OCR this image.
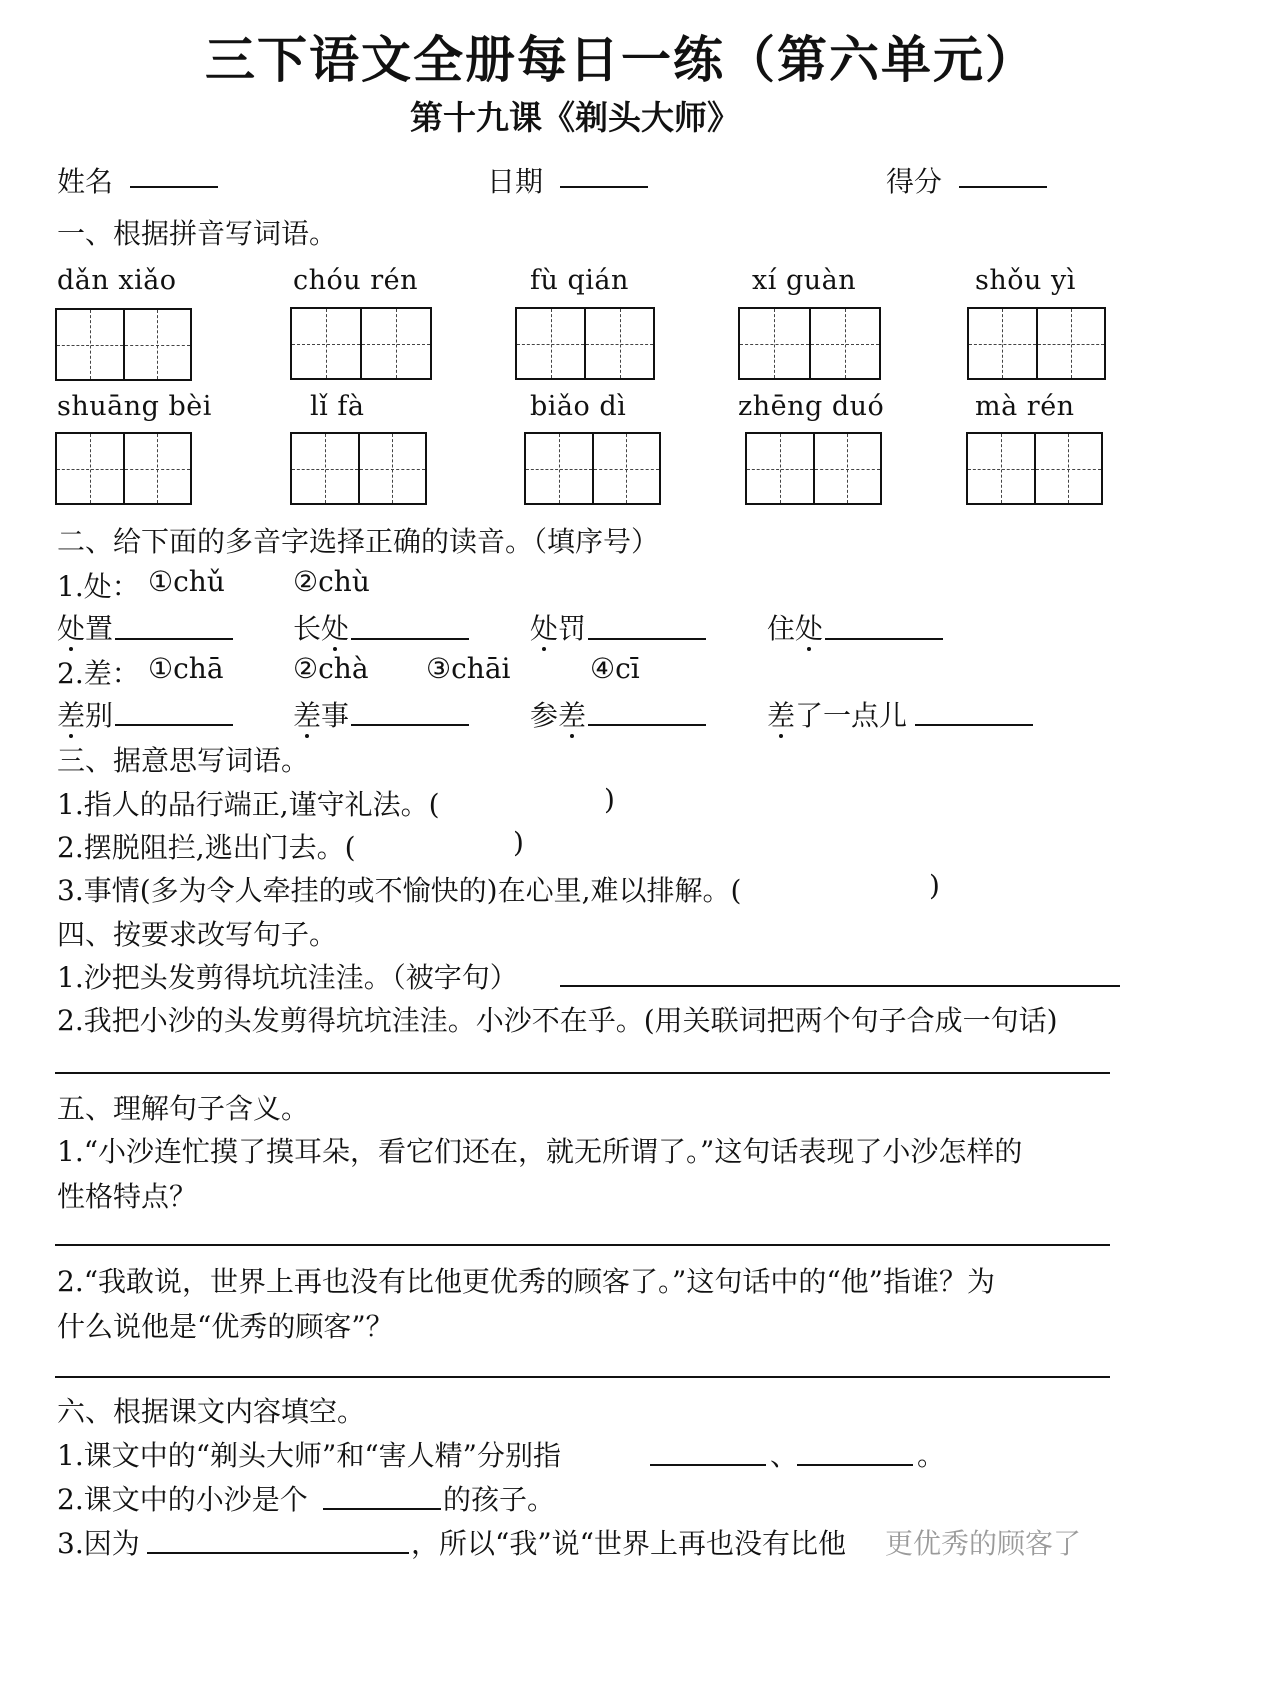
三下语文全册每日一练（第六单元）
第十九课《剃头大师》
姓名	日期	得分
一、根据拼音写词语。
dǎn xiǎo	chóu rén	fù qián	xí guàn	shǒu yì
shuāng bèi	lǐ fà	biǎo dì	zhēng duó	mà rén
二、给下面的多音字选择正确的读音。（填序号）
1.处： ①chǔ ②chù
处置	长处	处罚	住处
2.差： ①chā ②chà ③chāi	④cī
差别	差事	参差	差了一点儿
三、据意思写词语。
1.指人的品行端正,谨守礼法。(	)
2.摆脱阻拦,逃出门去。(	)
3.事情(多为令人牵挂的或不愉快的)在心里,难以排解。(	)
四、按要求改写句子。
1.沙把头发剪得坑坑洼洼。（被字句）
2.我把小沙的头发剪得坑坑洼洼。小沙不在乎。(用关联词把两个句子合成一句话)
五、理解句子含义。
1.“小沙连忙摸了摸耳朵，看它们还在，就无所谓了。”这句话表现了小沙怎样的
性格特点？
2.“我敢说，世界上再也没有比他更优秀的顾客了。”这句话中的“他”指谁？为
什么说他是“优秀的顾客”？
六、根据课文内容填空。
1.课文中的“剃头大师”和“害人精”分别指	、	。
2.课文中的小沙是个	的孩子。
3.因为	，所以“我”说“世界上再也没有比他 更优秀的顾客了
